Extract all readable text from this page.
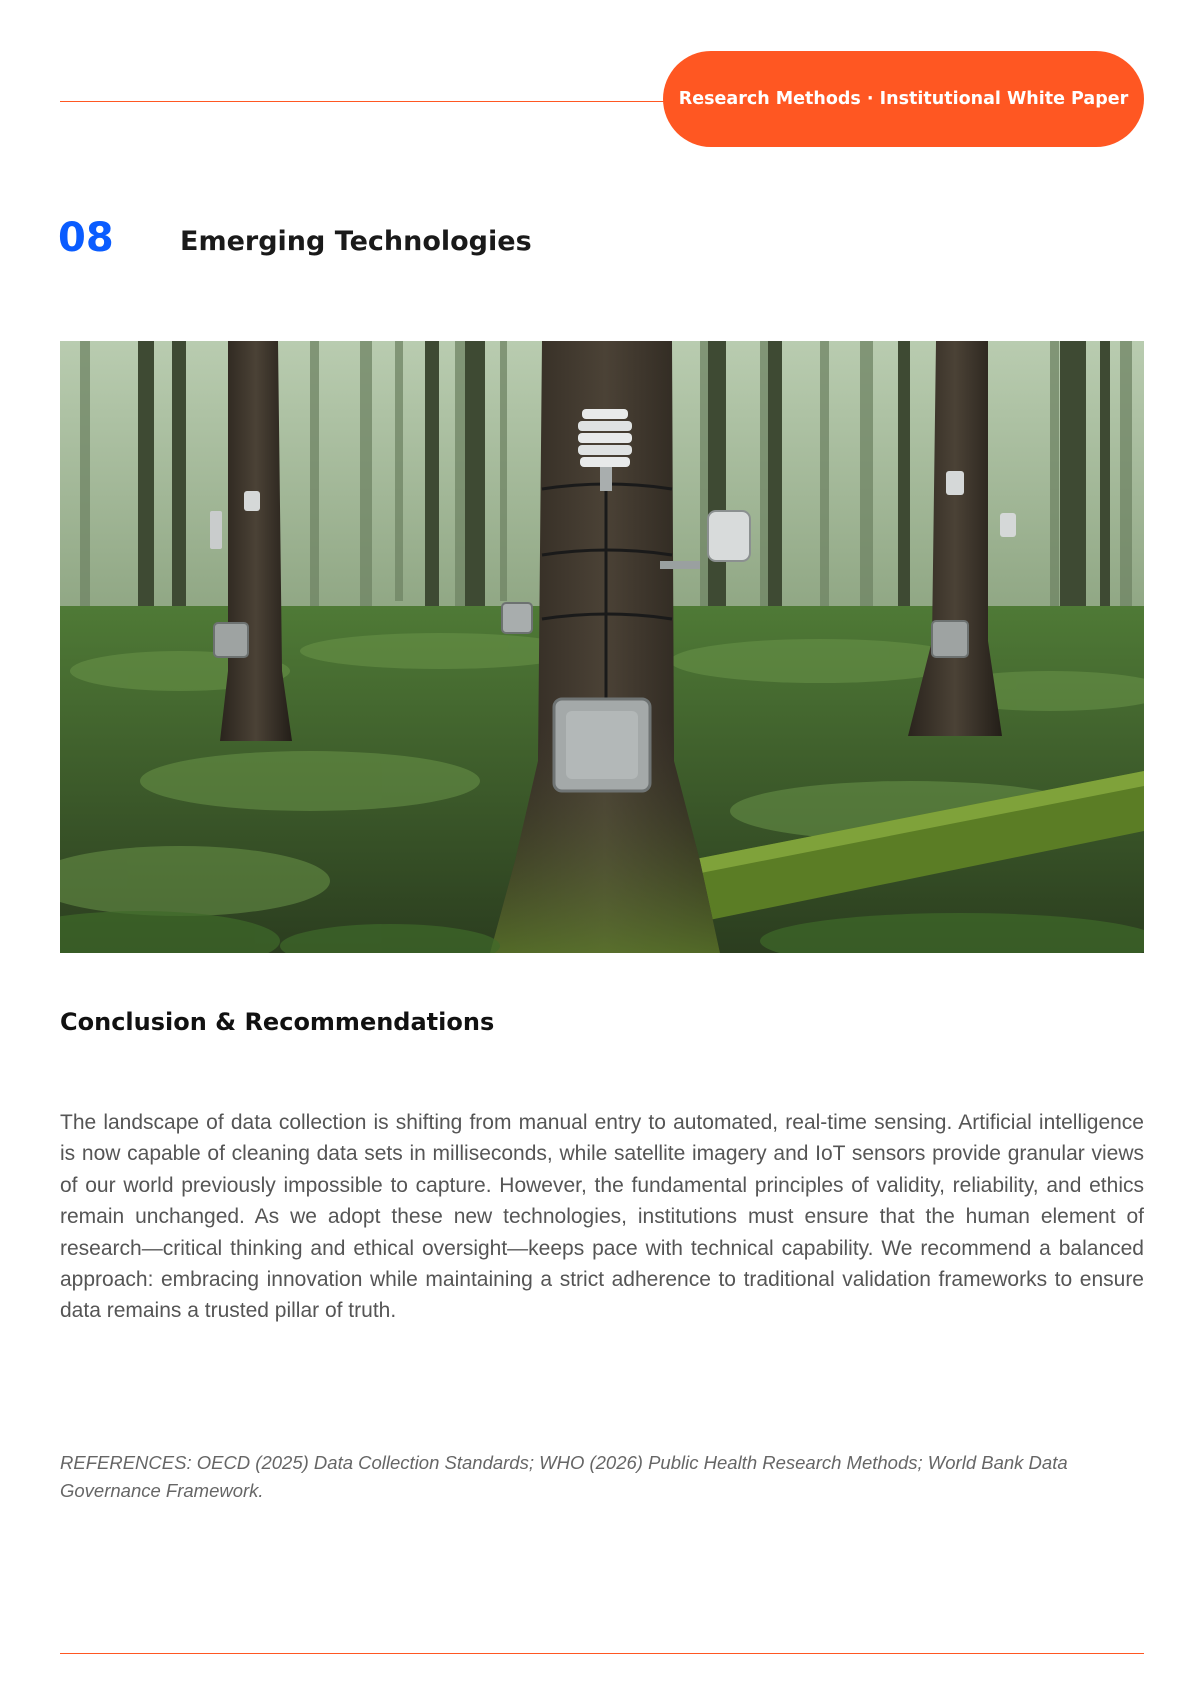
Research Methods · Institutional White Paper
08 Emerging Technologies
Conclusion & Recommendations

The landscape of data collection is shifting from manual entry to automated, real-time sensing. Artificial intelligence is now capable of cleaning data sets in milliseconds, while satellite imagery and IoT sensors provide granular views of our world previously impossible to capture. However, the fundamental principles of validity, reliability, and ethics remain unchanged. As we adopt these new technologies, institutions must ensure that the human element of research—critical thinking and ethical oversight—keeps pace with technical capability. We recommend a balanced approach: embracing innovation while maintaining a strict adherence to traditional validation frameworks to ensure data remains a trusted pillar of truth.

REFERENCES: OECD (2025) Data Collection Standards; WHO (2026) Public Health Research Methods; World Bank Data Governance Framework.
